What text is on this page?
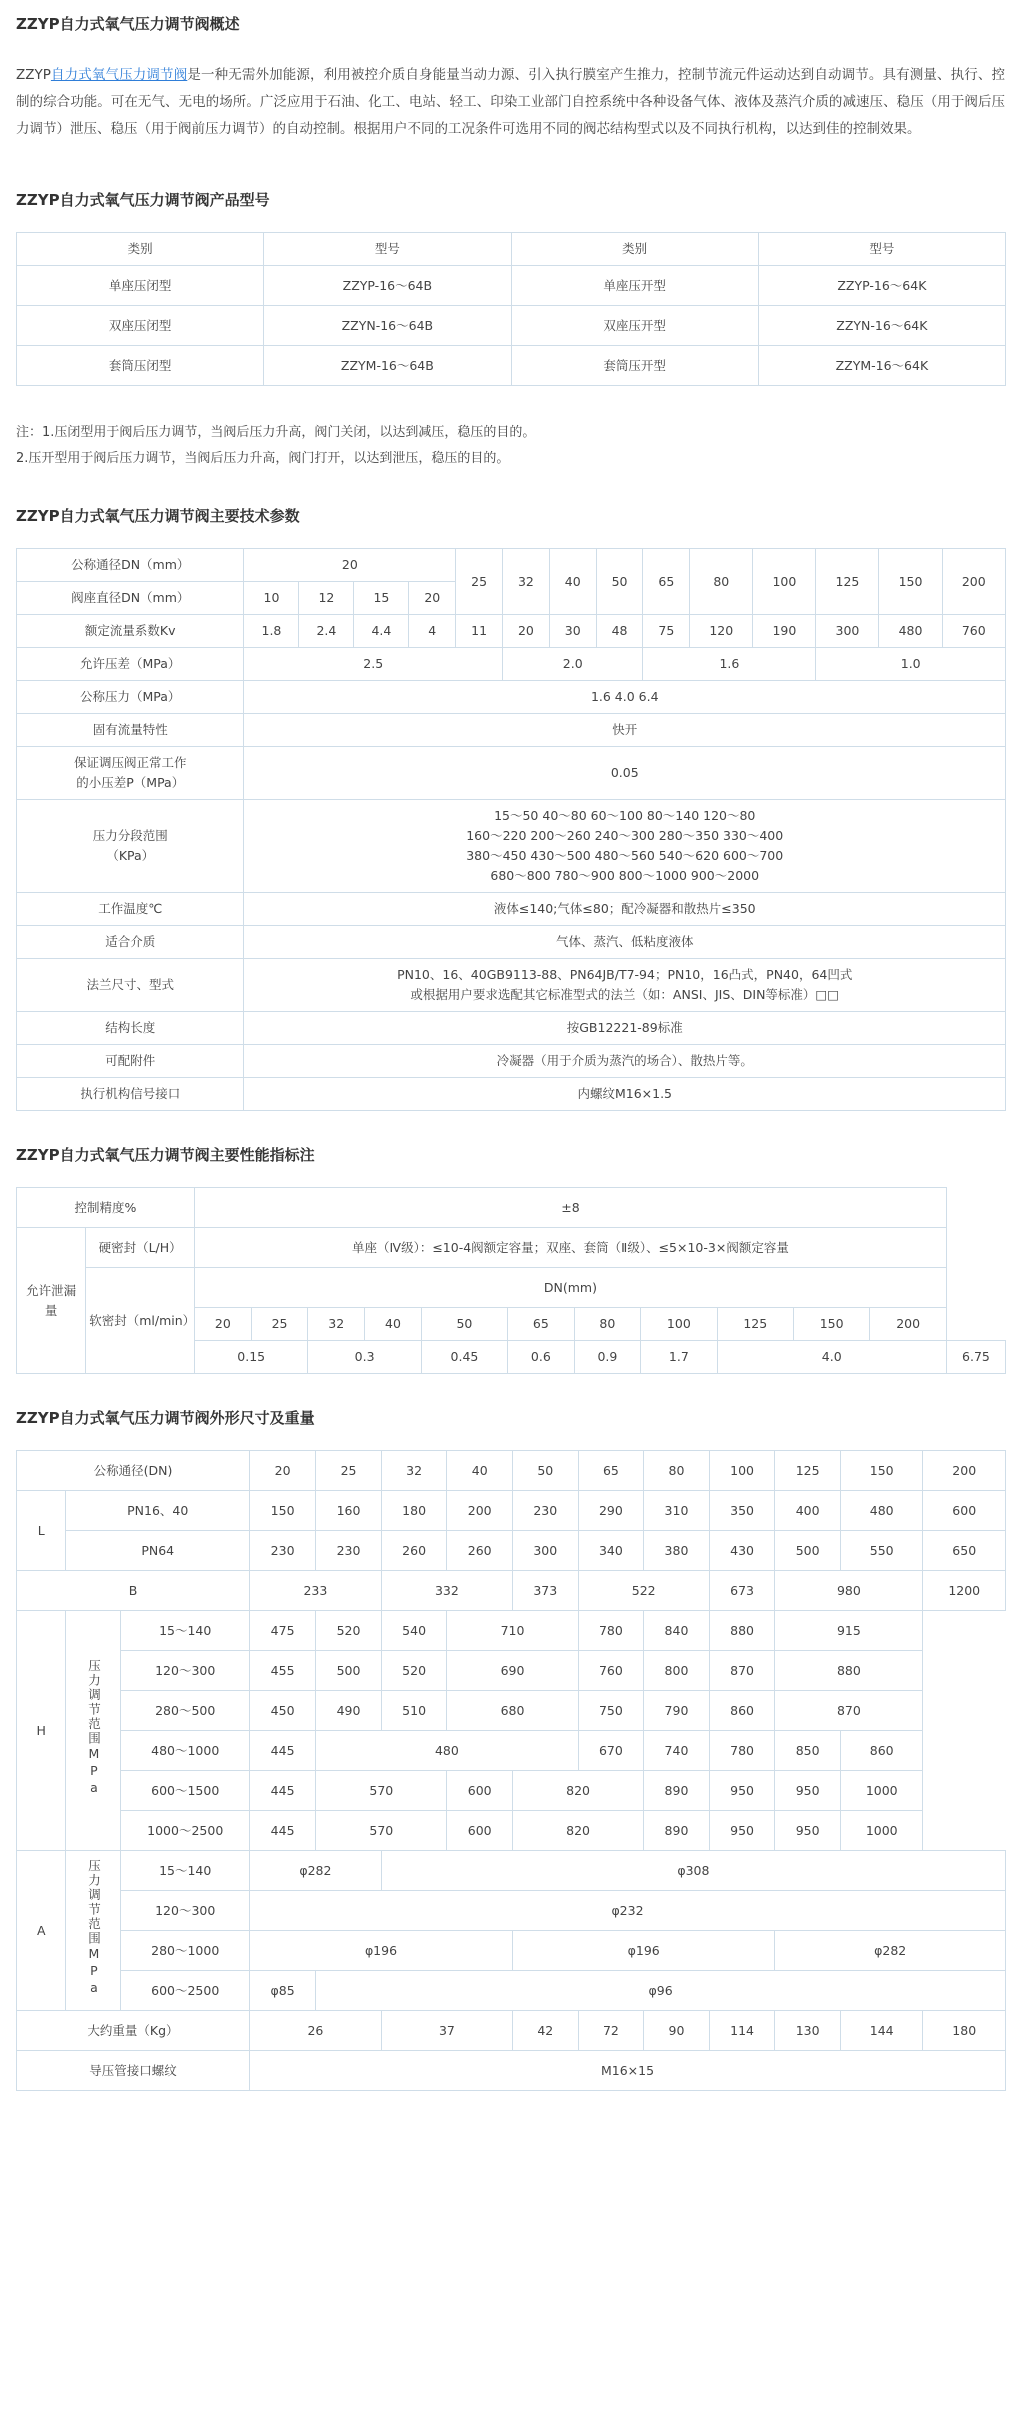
ZZYP自力式氧气压力调节阀概述

ZZYP自力式氧气压力调节阀是一种无需外加能源，利用被控介质自身能量当动力源、引入执行膜室产生推力，控制节流元件运动达到自动调节。具有测量、执行、控制的综合功能。可在无气、无电的场所。广泛应用于石油、化工、电站、轻工、印染工业部门自控系统中各种设备气体、液体及蒸汽介质的减速压、稳压（用于阀后压力调节）泄压、稳压（用于阀前压力调节）的自动控制。根据用户不同的工况条件可选用不同的阀芯结构型式以及不同执行机构，以达到佳的控制效果。

ZZYP自力式氧气压力调节阀产品型号
类别	型号	类别	型号
单座压闭型	ZZYP-16～64B	单座压开型	ZZYP-16～64K
双座压闭型	ZZYN-16～64B	双座压开型	ZZYN-16～64K
套筒压闭型	ZZYM-16～64B	套筒压开型	ZZYM-16～64K
注：1.压闭型用于阀后压力调节，当阀后压力升高，阀门关闭，以达到减压，稳压的目的。
2.压开型用于阀后压力调节，当阀后压力升高，阀门打开，以达到泄压，稳压的目的。
ZZYP自力式氧气压力调节阀主要技术参数
公称通径DN（mm）	20				25	32	40	50	65	80	100	125	150	200
阀座直径DN（mm）	10	12	15	20										
额定流量系数Kv	1.8	2.4	4.4	4	11	20	30	48	75	120	190	300	480	760
允许压差（MPa）	2.5					2.0			1.6			1.0		
公称压力（MPa）	1.6 4.0 6.4													
固有流量特性	快开													
保证调压阀正常工作
的小压差P（MPa）	0.05													
压力分段范围
（KPa）	15～50 40～80 60～100 80～140 120～80
160～220 200～260 240～300 280～350 330～400
380～450 430～500 480～560 540～620 600～700
680～800 780～900 800～1000 900～2000													
工作温度℃	液体≤140;气体≤80；配冷凝器和散热片≤350													
适合介质	气体、蒸汽、低粘度液体													
法兰尺寸、型式	PN10、16、40GB9113-88、PN64JB/T7-94；PN10，16凸式，PN40，64凹式
或根据用户要求选配其它标准型式的法兰（如：ANSI、JIS、DIN等标准）□□													
结构长度	按GB12221-89标准													
可配附件	冷凝器（用于介质为蒸汽的场合）、散热片等。													
执行机构信号接口	内螺纹M16×1.5													
ZZYP自力式氧气压力调节阀主要性能指标注
控制精度%		±8											
允许泄漏量	硬密封（L/H）	单座（Ⅳ级）：≤10-4阀额定容量；双座、套筒（Ⅱ级）、≤5×10-3×阀额定容量											
	软密封（ml/min）	DN(mm)											
		20	25	32	40	50	65	80	100	125	150	200	
		0.15		0.3		0.45	0.6	0.9	1.7	4.0			6.75
ZZYP自力式氧气压力调节阀外形尺寸及重量
公称通径(DN)			20	25	32	40	50	65	80	100	125	150	200
L	PN16、40		150	160	180	200	230	290	310	350	400	480	600
	PN64		230	230	260	260	300	340	380	430	500	550	650
B			233		332		373	522		673	980		1200
H	压力调节范围MPa	15～140	475	520	540	710		780	840	880	915		
		120～300	455	500	520	690		760	800	870	880		
		280～500	450	490	510	680		750	790	860	870		
		480～1000	445	480				670	740	780	850	860	
		600～1500	445	570		600	820		890	950	950	1000	
		1000～2500	445	570		600	820		890	950	950	1000	
A	压力调节范围MPa	15～140	φ282		φ308								
		120～300	φ232										
		280～1000	φ196				φ196				φ282		
		600～2500	φ85	φ96									
大约重量（Kg）			26		37		42	72	90	114	130	144	180
导压管接口螺纹			M16×15										
